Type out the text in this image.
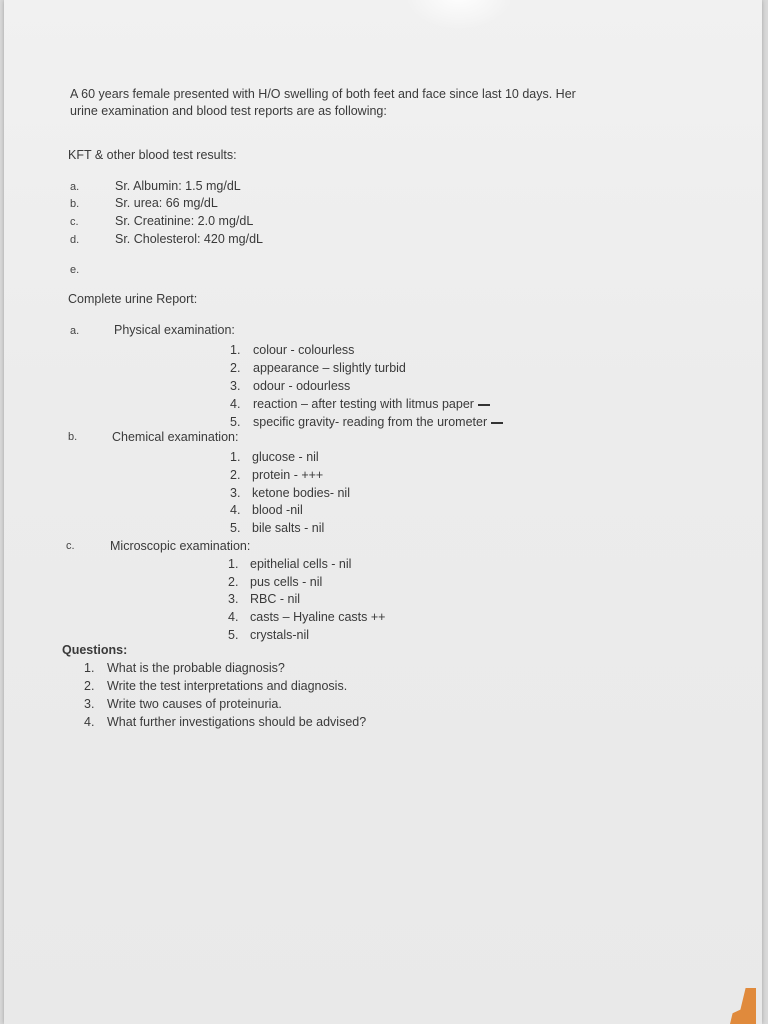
A 60 years female presented with H/O swelling of both feet and face since last 10 days. Her
urine examination and blood test reports are as following:
KFT & other blood test results:
a.	Sr. Albumin: 1.5 mg/dL
b.	Sr. urea: 66 mg/dL
c.	Sr. Creatinine: 2.0 mg/dL
d.	Sr. Cholesterol: 420 mg/dL
e.
Complete urine Report:
a.	Physical examination:
1. colour - colourless
2. appearance – slightly turbid
3. odour - odourless
4. reaction – after testing with litmus paper
5. specific gravity- reading from the urometer
b.	Chemical examination:
1. glucose - nil
2. protein - +++
3. ketone bodies- nil
4. blood -nil
5. bile salts - nil
c.	Microscopic examination:
1. epithelial cells - nil
2. pus cells - nil
3. RBC - nil
4. casts – Hyaline casts ++
5. crystals-nil
Questions:
1. What is the probable diagnosis?
2. Write the test interpretations and diagnosis.
3. Write two causes of proteinuria.
4. What further investigations should be advised?
